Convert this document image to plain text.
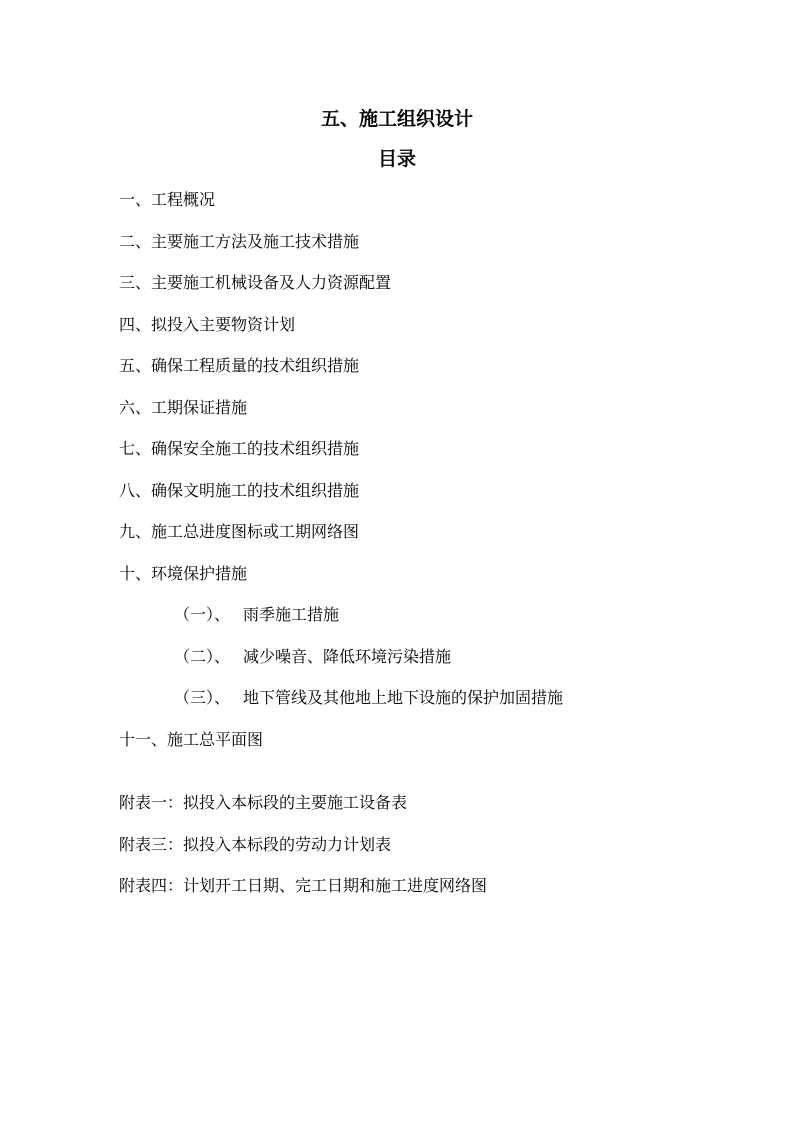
五、施工组织设计
目录
一、工程概况
二、主要施工方法及施工技术措施
三、主要施工机械设备及人力资源配置
四、拟投入主要物资计划
五、确保工程质量的技术组织措施
六、工期保证措施
七、确保安全施工的技术组织措施
八、确保文明施工的技术组织措施
九、施工总进度图标或工期网络图
十、环境保护措施
（一）、 雨季施工措施
（二）、 减少噪音、降低环境污染措施
（三）、 地下管线及其他地上地下设施的保护加固措施
十一、施工总平面图
附表一：拟投入本标段的主要施工设备表
附表三：拟投入本标段的劳动力计划表
附表四：计划开工日期、完工日期和施工进度网络图
